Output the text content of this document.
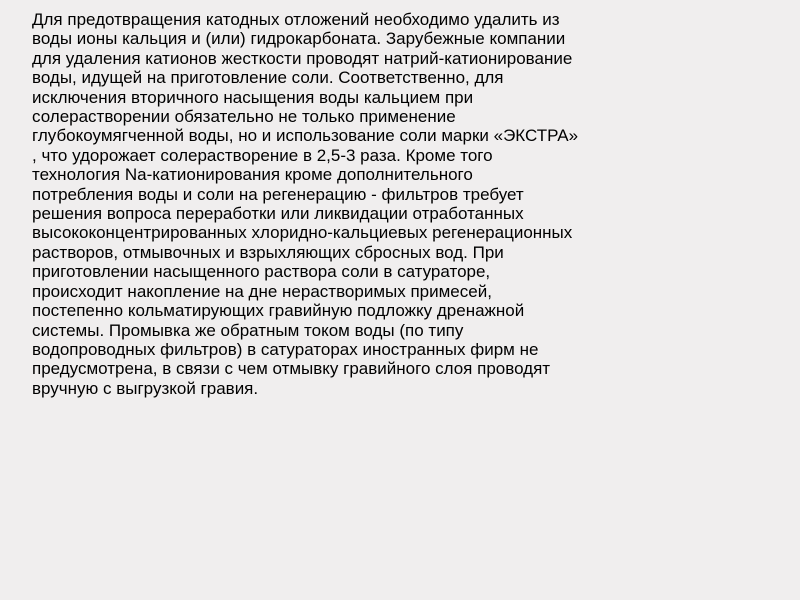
Для предотвращения катодных отложений необходимо удалить из
воды ионы кальция и (или) гидрокарбоната. Зарубежные компании
для удаления катионов жесткости проводят натрий-катионирование
воды, идущей на приготовление соли. Соответственно, для
исключения вторичного насыщения воды кальцием при
солерастворении обязательно не только применение
глубокоумягченной воды, но и использование соли марки «ЭКСТРА»
, что удорожает солерастворение в 2,5-3 раза. Кроме того
технология Na-катионирования кроме дополнительного
потребления воды и соли на регенерацию - фильтров требует
решения вопроса переработки или ликвидации отработанных
высококонцентрированных хлоридно-кальциевых регенерационных
растворов, отмывочных и взрыхляющих сбросных вод. При
приготовлении насыщенного раствора соли в сатураторе,
происходит накопление на дне нерастворимых примесей,
постепенно кольматирующих гравийную подложку дренажной
системы. Промывка же обратным током воды (по типу
водопроводных фильтров) в сатураторах иностранных фирм не
предусмотрена, в связи с чем отмывку гравийного слоя проводят
вручную с выгрузкой гравия.
